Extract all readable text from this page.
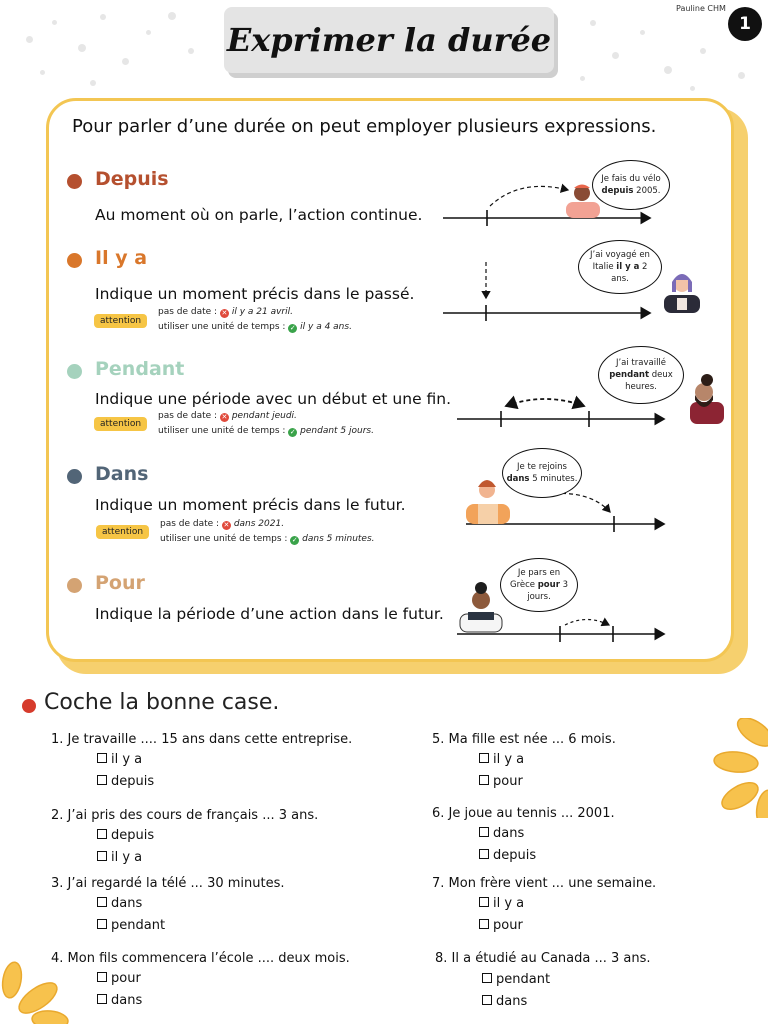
Exprimer la durée
Pauline CHM
1
Pour parler d’une durée on peut employer plusieurs expressions.
Depuis
Au moment où on parle, l’action continue.
Il y a
Indique un moment précis dans le passé.
attention
pas de date : ✕ il y a 21 avril.
utiliser une unité de temps : ✓ il y a 4 ans.
Pendant
Indique une période avec un début et une fin.
attention
pas de date : ✕ pendant jeudi.
utiliser une unité de temps : ✓ pendant 5 jours.
Dans
Indique un moment précis dans le futur.
attention
pas de date : ✕ dans 2021.
utiliser une unité de temps : ✓ dans 5 minutes.
Pour
Indique la période d’une action dans le futur.
Je fais du vélo
depuis 2005.
J’ai voyagé en Italie il y a 2 ans.
J’ai travaillé
pendant deux heures.
Je te rejoins
dans 5 minutes.
Je pars en Grèce pour 3 jours.
Coche la bonne case.
1. Je travaille .... 15 ans dans cette entreprise.
il y a
depuis
2. J’ai pris des cours de français ... 3 ans.
depuis
il y a
3. J’ai regardé la télé ... 30 minutes.
dans
pendant
4. Mon fils commencera l’école .... deux mois.
pour
dans
5. Ma fille est née ... 6 mois.
il y a
pour
6. Je joue au tennis ... 2001.
dans
depuis
7. Mon frère vient ... une semaine.
il y a
pour
8. Il a étudié au Canada ... 3 ans.
pendant
dans
